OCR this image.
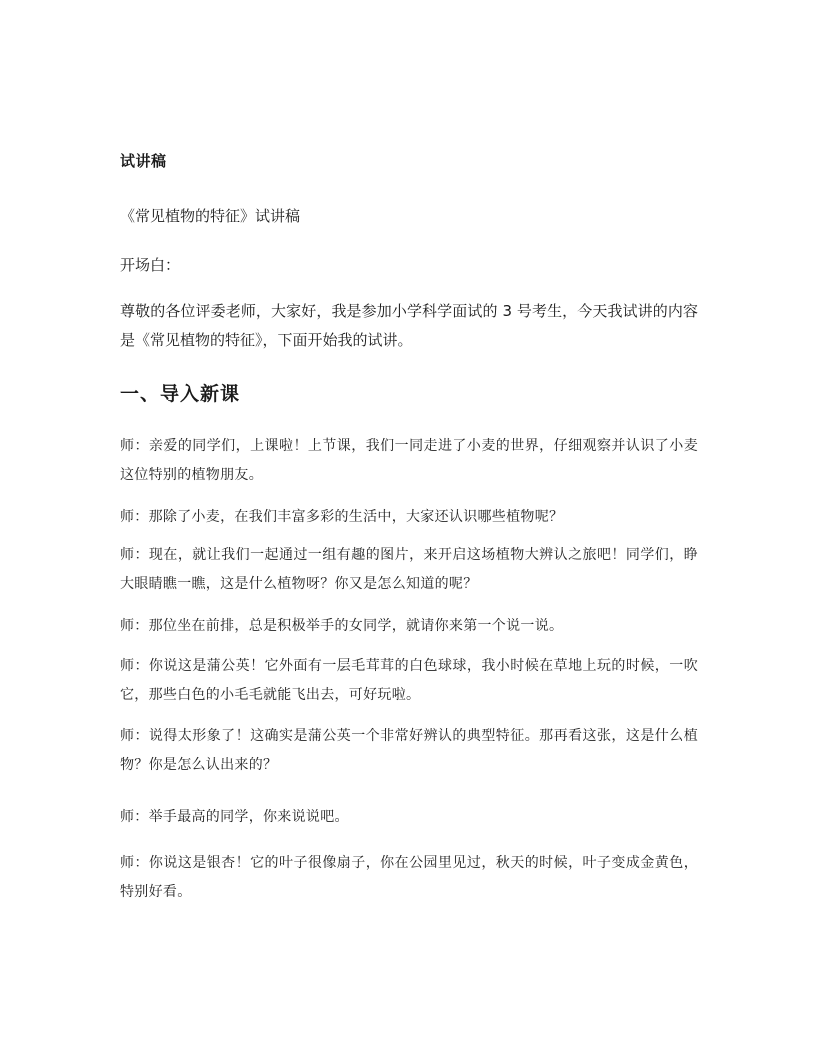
试讲稿
《常见植物的特征》试讲稿
开场白：
尊敬的各位评委老师，大家好，我是参加小学科学面试的 3 号考生，今天我试讲的内容是《常见植物的特征》，下面开始我的试讲。
一、导入新课
师：亲爱的同学们，上课啦！上节课，我们一同走进了小麦的世界，仔细观察并认识了小麦这位特别的植物朋友。
师：那除了小麦，在我们丰富多彩的生活中，大家还认识哪些植物呢？
师：现在，就让我们一起通过一组有趣的图片，来开启这场植物大辨认之旅吧！同学们，睁大眼睛瞧一瞧，这是什么植物呀？你又是怎么知道的呢？
师：那位坐在前排，总是积极举手的女同学，就请你来第一个说一说。
师：你说这是蒲公英！它外面有一层毛茸茸的白色球球，我小时候在草地上玩的时候，一吹它，那些白色的小毛毛就能飞出去，可好玩啦。
师：说得太形象了！这确实是蒲公英一个非常好辨认的典型特征。那再看这张，这是什么植物？你是怎么认出来的？
师：举手最高的同学，你来说说吧。
师：你说这是银杏！它的叶子很像扇子，你在公园里见过，秋天的时候，叶子变成金黄色，特别好看。
